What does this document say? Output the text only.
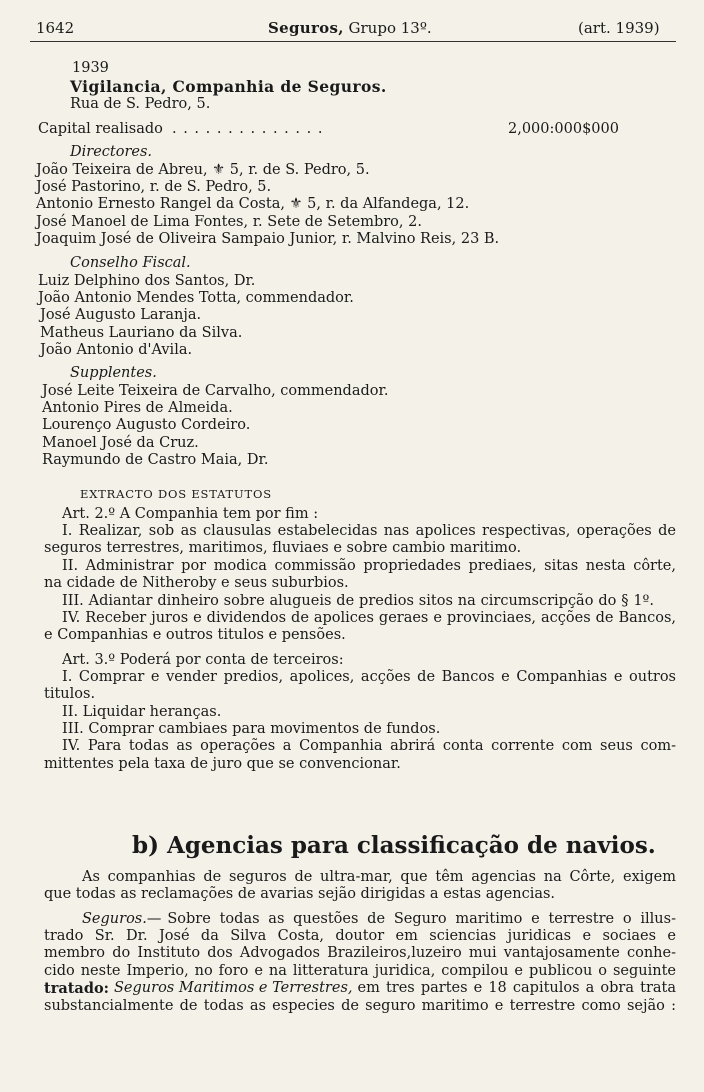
1642	Seguros, Grupo 13º.	(art. 1939)
1939
Vigilancia, Companhia de Seguros.
Rua de S. Pedro, 5.
Capital realisado . . . . . . . . . . . . . .	2,000:000$000
Directores.
João Teixeira de Abreu, ⚜ 5, r. de S. Pedro, 5.
José Pastorino, r. de S. Pedro, 5.
Antonio Ernesto Rangel da Costa, ⚜ 5, r. da Alfandega, 12.
José Manoel de Lima Fontes, r. Sete de Setembro, 2.
Joaquim José de Oliveira Sampaio Junior, r. Malvino Reis, 23 B.
Conselho Fiscal.
Luiz Delphino dos Santos, Dr.
João Antonio Mendes Totta, commendador.
José Augusto Laranja.
Matheus Lauriano da Silva.
João Antonio d'Avila.
Supplentes.
José Leite Teixeira de Carvalho, commendador.
Antonio Pires de Almeida.
Lourenço Augusto Cordeiro.
Manoel José da Cruz.
Raymundo de Castro Maia, Dr.
EXTRACTO DOS ESTATUTOS
Art. 2.º A Companhia tem por fim :
I. Realizar, sob as clausulas estabelecidas nas apolices respectivas, operações de
seguros terrestres, maritimos, fluviaes e sobre cambio maritimo.
II. Administrar por modica commissão propriedades prediaes, sitas nesta côrte,
na cidade de Nitheroby e seus suburbios.
III. Adiantar dinheiro sobre alugueis de predios sitos na circumscripção do § 1º.
IV. Receber juros e dividendos de apolices geraes e provinciaes, acções de Bancos,
e Companhias e outros titulos e pensões.
Art. 3.º Poderá por conta de terceiros:
I. Comprar e vender predios, apolices, acções de Bancos e Companhias e outros
titulos.
II. Liquidar heranças.
III. Comprar cambiaes para movimentos de fundos.
IV. Para todas as operações a Companhia abrirá conta corrente com seus com-
mittentes pela taxa de juro que se convencionar.
b) Agencias para classificação de navios.
As companhias de seguros de ultra-mar, que têm agencias na Côrte, exigem
que todas as reclamações de avarias sejão dirigidas a estas agencias.
Seguros.— Sobre todas as questões de Seguro maritimo e terrestre o illus-
trado Sr. Dr. José da Silva Costa, doutor em sciencias juridicas e sociaes e
membro do Instituto dos Advogados Brazileiros,luzeiro mui vantajosamente conhe-
cido neste Imperio, no foro e na litteratura juridica, compilou e publicou o seguinte
tratado: Seguros Maritimos e Terrestres, em tres partes e 18 capitulos a obra trata
substancialmente de todas as especies de seguro maritimo e terrestre como sejão :
